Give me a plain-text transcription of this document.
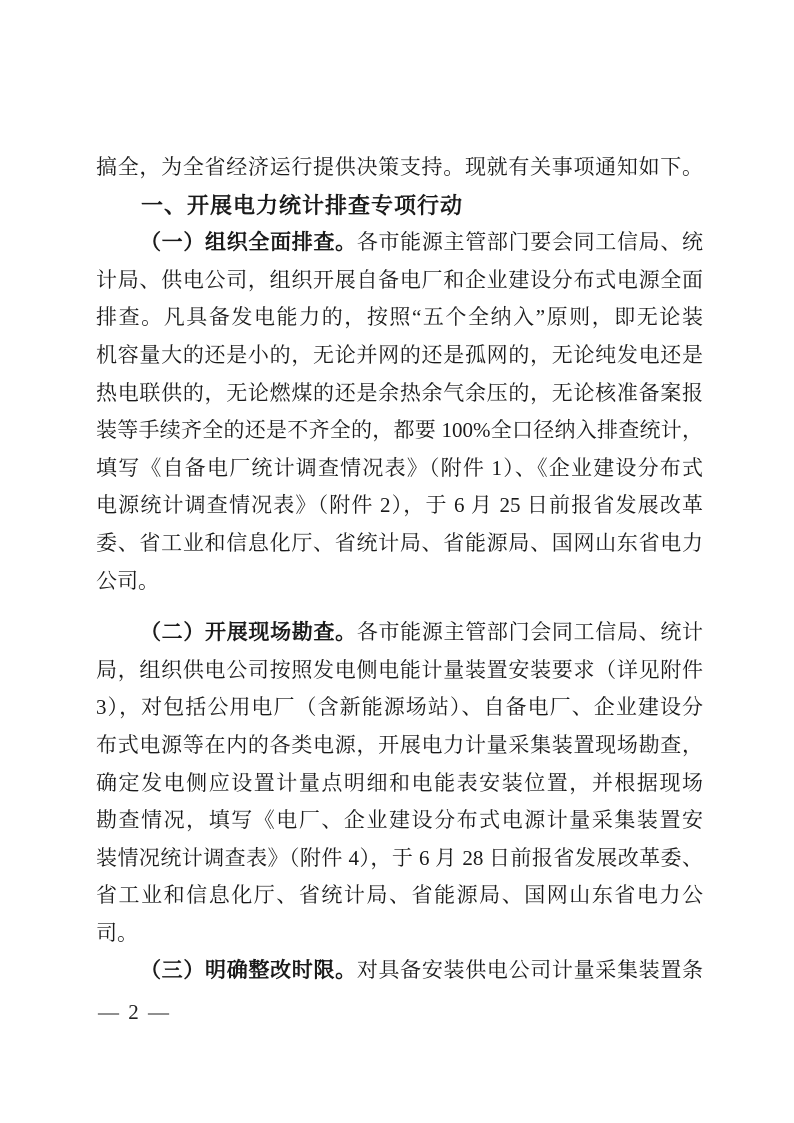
搞全，为全省经济运行提供决策支持。现就有关事项通知如下。
一、开展电力统计排查专项行动
（一）组织全面排查。各市能源主管部门要会同工信局、统
计局、供电公司，组织开展自备电厂和企业建设分布式电源全面
排查。凡具备发电能力的，按照“五个全纳入”原则，即无论装
机容量大的还是小的，无论并网的还是孤网的，无论纯发电还是
热电联供的，无论燃煤的还是余热余气余压的，无论核准备案报
装等手续齐全的还是不齐全的，都要 100%全口径纳入排查统计，
填写《自备电厂统计调查情况表》（附件 1）、《企业建设分布式
电源统计调查情况表》（附件 2），于 6 月 25 日前报省发展改革
委、省工业和信息化厅、省统计局、省能源局、国网山东省电力
公司。
（二）开展现场勘查。各市能源主管部门会同工信局、统计
局，组织供电公司按照发电侧电能计量装置安装要求（详见附件
3），对包括公用电厂（含新能源场站）、自备电厂、企业建设分
布式电源等在内的各类电源，开展电力计量采集装置现场勘查，
确定发电侧应设置计量点明细和电能表安装位置，并根据现场
勘查情况，填写《电厂、企业建设分布式电源计量采集装置安
装情况统计调查表》（附件 4），于 6 月 28 日前报省发展改革委、
省工业和信息化厅、省统计局、省能源局、国网山东省电力公
司。
（三）明确整改时限。对具备安装供电公司计量采集装置条
— 2 —
